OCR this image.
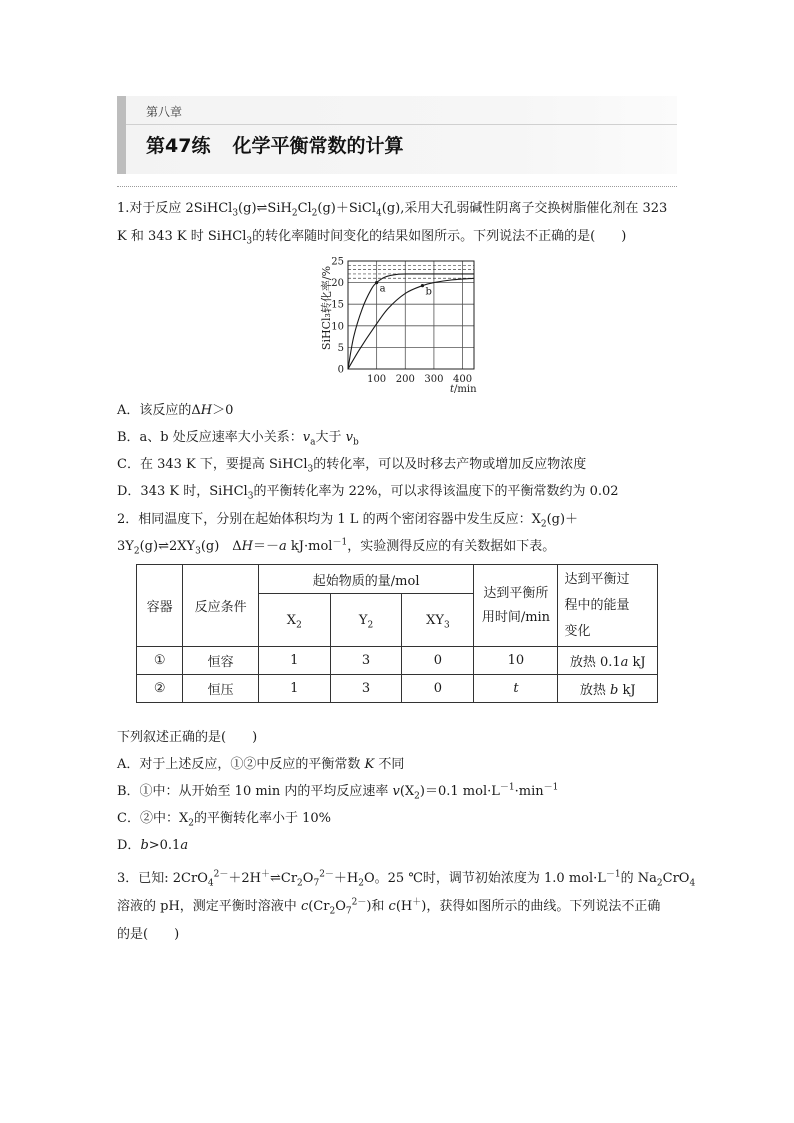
第八章
第47练 化学平衡常数的计算
1.对于反应 $2SiHCl_3(g)\rightleftharpoons SiH_2Cl_2(g)+SiCl_4(g)$,采用大孔弱碱性阴离子交换树脂催化剂在 323
K 和 343 K 时 SiHCl$_3$的转化率随时间变化的结果如图所示。下列说法不正确的是(　　)
100 200 300 400
0
5
10
15
20
25
a	b
SiHCl₃转化率/%
t/min
A．该反应的ΔH＞0
B．a、b 处反应速率大小关系：$v_a$大于 $v_b$
C．在 343 K 下，要提高 SiHCl$_3$的转化率，可以及时移去产物或增加反应物浓度
D．343 K 时，SiHCl$_3$的平衡转化率为 22%，可以求得该温度下的平衡常数约为 0.02
2．相同温度下，分别在起始体积均为 1 L 的两个密闭容器中发生反应：$X_2(g)+$
$3Y_2(g)\rightleftharpoons 2XY_3(g)$　ΔH＝－a kJ·mol$^{-1}$，实验测得反应的有关数据如下表。
容器	反应条件	起始物质的量/mol			达到平衡所
用时间/min	达到平衡过
程中的能量
变化
		$X_2$	$Y_2$	$XY_3$
①	恒容	1	3	0	10	放热 0.1a kJ
②	恒压	1	3	0	t	放热 b kJ
下列叙述正确的是(　　)
A．对于上述反应，①②中反应的平衡常数 K 不同
B．①中：从开始至 10 min 内的平均反应速率 $v(X_2)=0.1$ $mol\cdot L^{-1}\cdot\min^{-1}$
C．②中：$X_2$的平衡转化率小于 10%
D．b>0.1a
3．已知: $2CrO_4^{2-}+2H^+\rightleftharpoons Cr_2O_7^{2-}+H_2O$。25 ℃时，调节初始浓度为 1.0 $mol\cdot L^{-1}$的 $Na_2CrO_4$
溶液的 pH，测定平衡时溶液中 $c(Cr_2O_7^{2-})$和 c(H＋)，获得如图所示的曲线。下列说法不正确
的是(　　)
